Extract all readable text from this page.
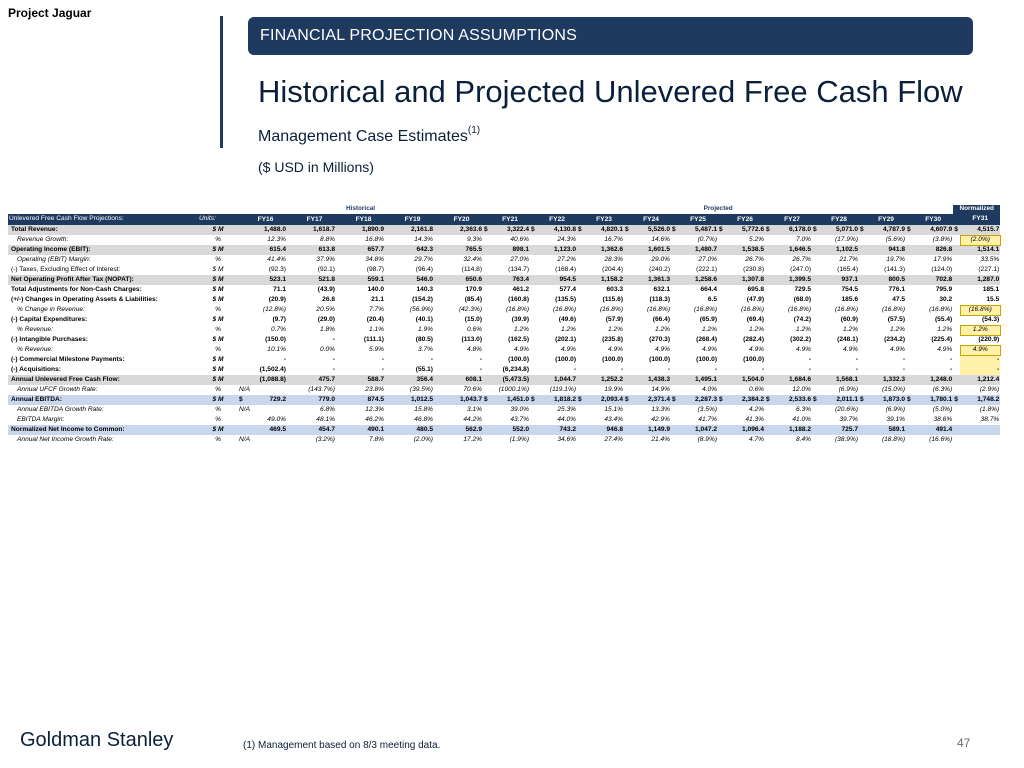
Project Jaguar
FINANCIAL PROJECTION ASSUMPTIONS
Historical and Projected Unlevered Free Cash Flow
Management Case Estimates$^{(1)}$
($ USD in Millions)
		Historical										Projected																				Normalized	
Unlevered Free Cash Flow Projections:	Units:		FY16		FY17		FY18		FY19		FY20		FY21		FY22		FY23		FY24		FY25		FY26		FY27		FY28		FY29		FY30		FY31
Total Revenue:	$ M		1,488.0		1,618.7		1,890.9		2,161.8		2,363.6	$	3,322.4	$	4,130.8	$	4,820.1	$	5,526.0	$	5,487.1	$	5,772.6	$	6,178.0	$	5,071.0	$	4,787.9	$	4,607.9	$	4,515.7
Revenue Growth:	%		12.3%		8.8%		16.8%		14.3%		9.3%		40.6%		24.3%		16.7%		14.6%		(0.7%)		5.2%		7.0%		(17.9%)		(5.6%)		(3.8%)		(2.0%)

Operating Income (EBIT):	$ M		615.4		613.8		657.7		642.3		765.5		898.1		1,123.0		1,362.6		1,601.5		1,480.7		1,538.5		1,646.5		1,102.5		941.8		826.8		1,514.1
Operating (EBIT) Margin:	%		41.4%		37.9%		34.8%		29.7%		32.4%		27.0%		27.2%		28.3%		29.0%		27.0%		26.7%		26.7%		21.7%		19.7%		17.9%		33.5%

(-) Taxes, Excluding Effect of Interest:	$ M		(92.3)		(92.1)		(98.7)		(96.4)		(114.8)		(134.7)		(168.4)		(204.4)		(240.2)		(222.1)		(230.8)		(247.0)		(165.4)		(141.3)		(124.0)		(227.1)

Net Operating Profit After Tax (NOPAT):	$ M		523.1		521.8		559.1		546.0		650.6		763.4		954.5		1,158.2		1,361.3		1,258.6		1,307.8		1,399.5		937.1		800.5		702.8		1,287.0

Total Adjustments for Non-Cash Charges:	$ M		71.1		(43.9)		140.0		140.3		170.9		461.2		577.4		603.3		632.1		664.4		695.8		729.5		754.5		776.1		795.9		185.1

(+/-) Changes in Operating Assets & Liabilities:	$ M		(20.9)		26.8		21.1		(154.2)		(85.4)		(160.8)		(135.5)		(115.6)		(118.3)		6.5		(47.9)		(68.0)		185.6		47.5		30.2		15.5
% Change in Revenue:	%		(12.8%)		20.5%		7.7%		(56.9%)		(42.3%)		(16.8%)		(16.8%)		(16.8%)		(16.8%)		(16.8%)		(16.8%)		(16.8%)		(16.8%)		(16.8%)		(16.8%)		(16.8%)

(-) Capital Expenditures:	$ M		(9.7)		(29.0)		(20.4)		(40.1)		(15.0)		(39.9)		(49.6)		(57.9)		(66.4)		(65.9)		(69.4)		(74.2)		(60.9)		(57.5)		(55.4)		(54.3)
% Revenue:	%		0.7%		1.8%		1.1%		1.9%		0.6%		1.2%		1.2%		1.2%		1.2%		1.2%		1.2%		1.2%		1.2%		1.2%		1.2%		1.2%

(-) Intangible Purchases:	$ M		(150.0)		-		(111.1)		(80.5)		(113.0)		(162.5)		(202.1)		(235.8)		(270.3)		(268.4)		(282.4)		(302.2)		(248.1)		(234.2)		(225.4)		(220.9)
% Revenue:	%		10.1%		0.0%		5.9%		3.7%		4.8%		4.9%		4.9%		4.9%		4.9%		4.9%		4.9%		4.9%		4.9%		4.9%		4.9%		4.9%

(-) Commercial Milestone Payments:	$ M		-		-		-		-		-		(100.0)		(100.0)		(100.0)		(100.0)		(100.0)		(100.0)		-		-		-		-		-

(-) Acquisitions:	$ M		(1,502.4)		-		-		(55.1)		-		(6,234.8)		-		-		-		-		-		-		-		-		-		-

Annual Unlevered Free Cash Flow:	$ M		(1,088.8)		475.7		588.7		356.4		608.1		(5,473.5)		1,044.7		1,252.2		1,438.3		1,495.1		1,504.0		1,684.6		1,568.1		1,332.3		1,248.0		1,212.4
Annual UFCF Growth Rate:	%	N/A			(143.7%)		23.8%		(39.5%)		70.6%		(1000.1%)		(119.1%)		19.9%		14.9%		4.0%		0.6%		12.0%		(6.9%)		(15.0%)		(6.3%)		(2.9%)

Annual EBITDA:	$ M	$	729.2		779.0		874.5		1,012.5		1,043.7	$	1,451.0	$	1,818.2	$	2,093.4	$	2,371.4	$	2,287.3	$	2,384.2	$	2,533.6	$	2,011.1	$	1,873.0	$	1,780.1	$	1,748.2
Annual EBITDA Growth Rate:	%	N/A			6.8%		12.3%		15.8%		3.1%		39.0%		25.3%		15.1%		13.3%		(3.5%)		4.2%		6.3%		(20.6%)		(6.9%)		(5.0%)		(1.8%)
EBITDA Margin:	%		49.0%		48.1%		46.2%		46.8%		44.2%		43.7%		44.0%		43.4%		42.9%		41.7%		41.3%		41.0%		39.7%		39.1%		38.6%		38.7%

Normalized Net Income to Common:	$ M		469.5		454.7		490.1		480.5		562.9		552.0		743.2		946.8		1,149.9		1,047.2		1,096.4		1,188.2		725.7		589.1		491.4		
Annual Net Income Growth Rate:	%	N/A			(3.2%)		7.8%		(2.0%)		17.2%		(1.9%)		34.6%		27.4%		21.4%		(8.9%)		4.7%		8.4%		(38.9%)		(18.8%)		(16.6%)		
Goldman Stanley	(1) Management based on 8/3 meeting data.	47
